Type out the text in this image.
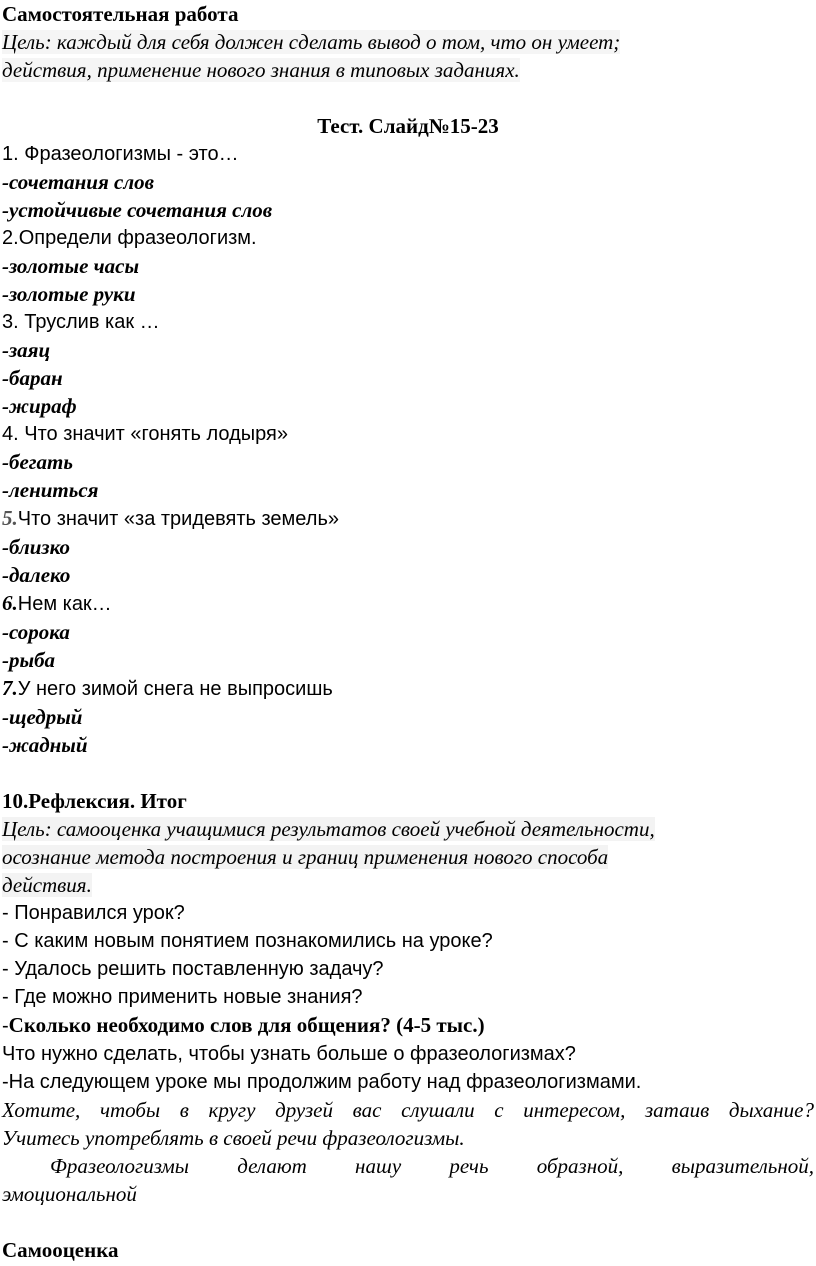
Самостоятельная работа
Цель: каждый для себя должен сделать вывод о том, что он умеет;
действия, применение нового знания в типовых заданиях.
Тест. Слайд№15-23
1. Фразеологизмы - это…
-сочетания слов
-устойчивые сочетания слов
2.Определи фразеологизм.
-золотые часы
-золотые руки
3. Труслив как …
-заяц
-баран
-жираф
4. Что значит «гонять лодыря»
-бегать
-лениться
5.Что значит «за тридевять земель»
-близко
-далеко
6.Нем как…
-сорока
-рыба
7.У него зимой снега не выпросишь
-щедрый
-жадный
10.Рефлексия. Итог
Цель: самооценка учащимися результатов своей учебной деятельности,
осознание метода построения и границ применения нового способа
действия.
- Понравился урок?
- С каким новым понятием познакомились на уроке?
- Удалось решить поставленную задачу?
- Где можно применить новые знания?
-Сколько необходимо слов для общения? (4-5 тыс.)
Что нужно сделать, чтобы узнать больше о фразеологизмах?
-На следующем уроке мы продолжим работу над фразеологизмами.
Хотите, чтобы в кругу друзей вас слушали с интересом, затаив дыхание?
Учитесь употреблять в своей речи фразеологизмы.
Фразеологизмы делают нашу речь образной, выразительной,
эмоциональной
Самооценка
